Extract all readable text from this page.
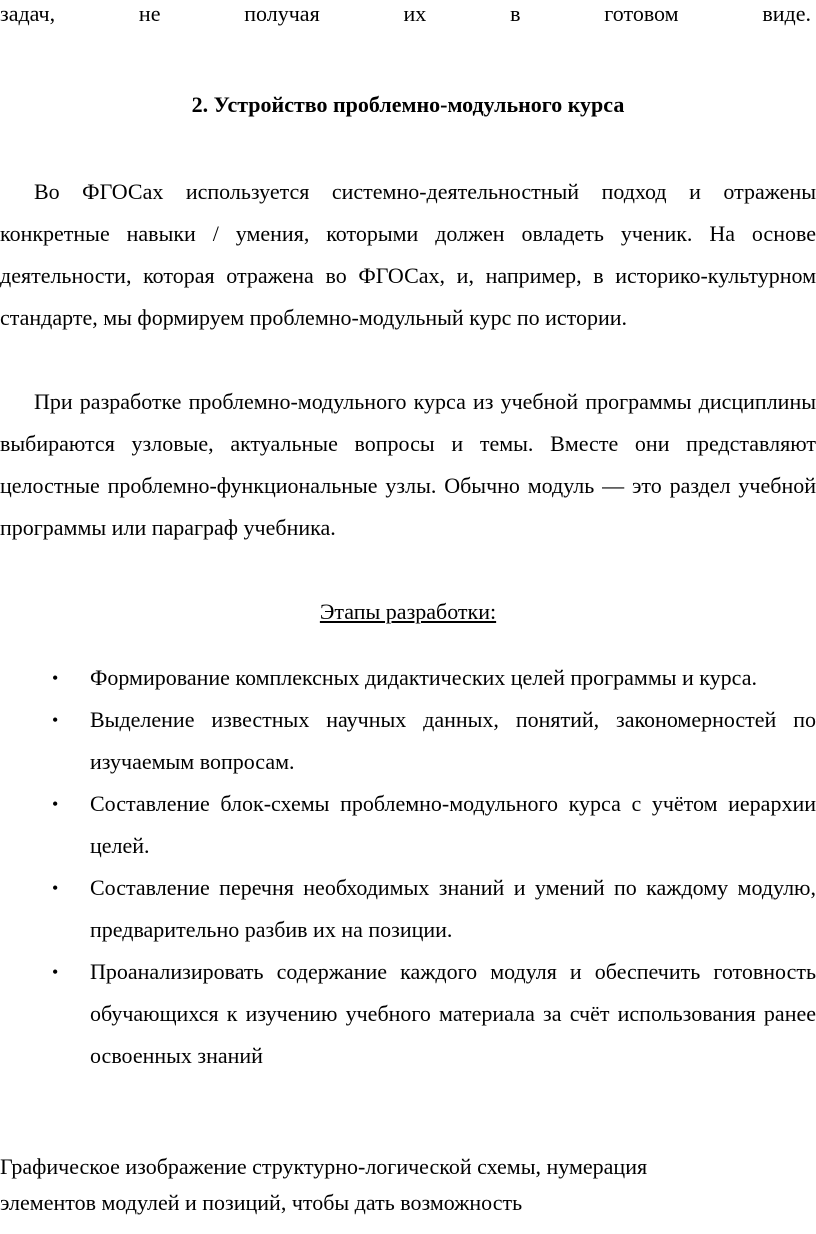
задач, не получая их в готовом виде.
2. Устройство проблемно-модульного курса

Во ФГОСах используется системно-деятельностный подход и отражены конкретные навыки / умения, которыми должен овладеть ученик. На основе деятельности, которая отражена во ФГОСах, и, например, в историко-культурном стандарте, мы формируем проблемно-модульный курс по истории.

При разработке проблемно-модульного курса из учебной программы дисциплины выбираются узловые, актуальные вопросы и темы. Вместе они представляют целостные проблемно-функциональные узлы. Обычно модуль — это раздел учебной программы или параграф учебника.

Этапы разработки:
•	Формирование комплексных дидактических целей программы и курса.
•	Выделение известных научных данных, понятий, закономерностей по изучаемым вопросам.
•	Составление блок-схемы проблемно-модульного курса с учётом иерархии целей.
•	Составление перечня необходимых знаний и умений по каждому модулю, предварительно разбив их на позиции.
•	Проанализировать содержание каждого модуля и обеспечить готовность обучающихся к изучению учебного материала за счёт использования ранее освоенных знаний
Графическое изображение структурно-логической схемы, нумерация
элементов модулей и позиций, чтобы дать возможность
